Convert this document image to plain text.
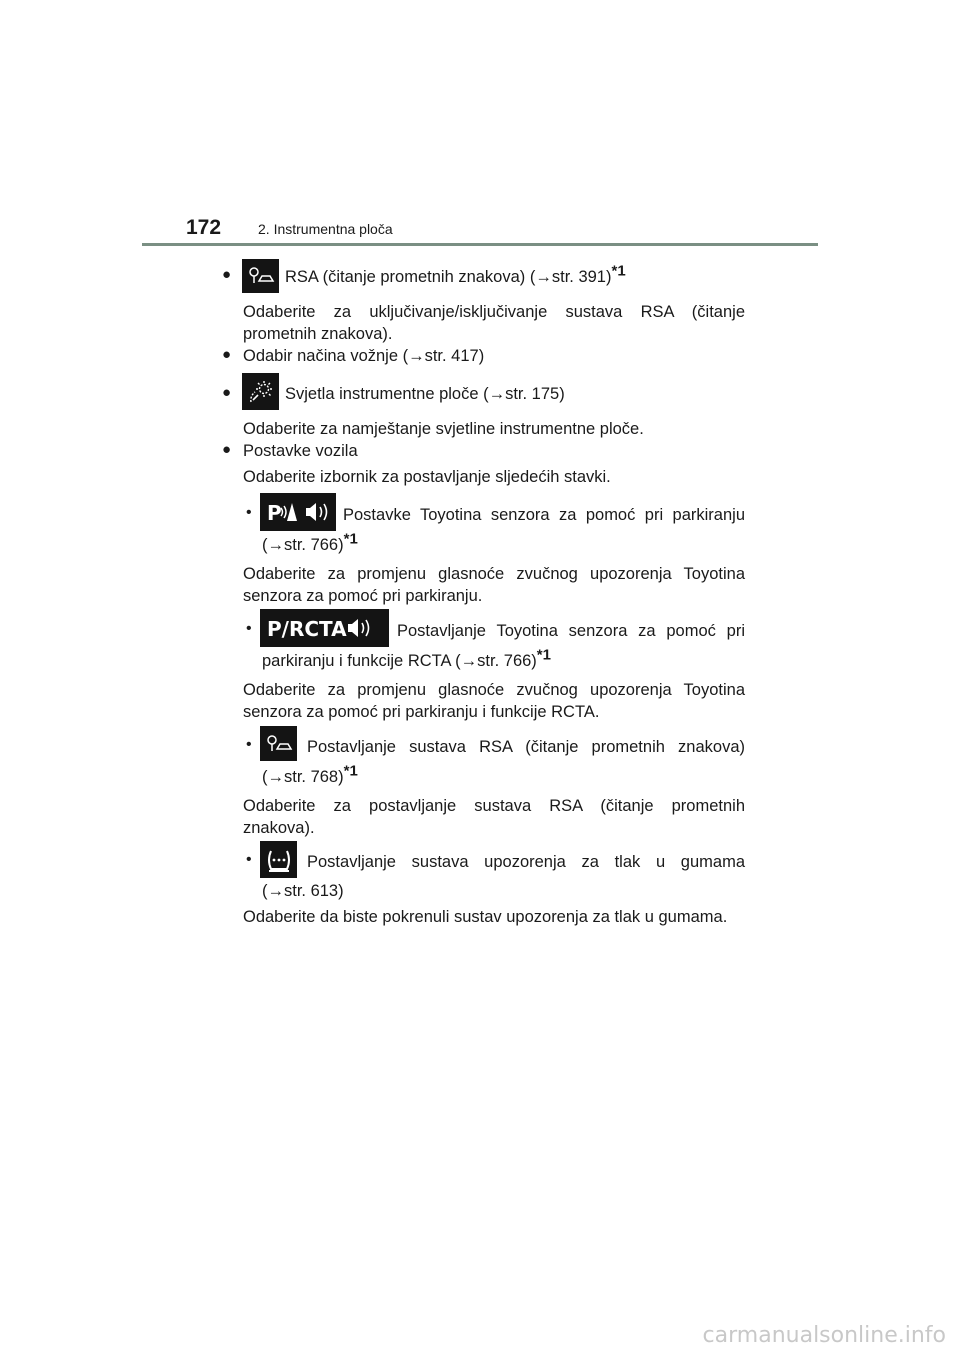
172	2. Instrumentna ploča
●	RSA (čitanje prometnih znakova) (→str. 391)$^{*1}$
Odaberite za uključivanje/isključivanje sustava RSA (čitanje
prometnih znakova).
● Odabir načina vožnje (→str. 417)
●	Svjetla instrumentne ploče (→str. 175)
Odaberite za namještanje svjetline instrumentne ploče.
● Postavke vozila
Odaberite izbornik za postavljanje sljedećih stavki.
• P	Postavke Toyotina senzora za pomoć pri parkiranju
(→str. 766)$^{*1}$
Odaberite za promjenu glasnoće zvučnog upozorenja Toyotina
senzora za pomoć pri parkiranju.
• P/RCTA	Postavljanje Toyotina senzora za pomoć pri
parkiranju i funkcije RCTA (→str. 766)$^{*1}$
Odaberite za promjenu glasnoće zvučnog upozorenja Toyotina
senzora za pomoć pri parkiranju i funkcije RCTA.
•	Postavljanje sustava RSA (čitanje prometnih znakova)
(→str. 768)$^{*1}$
Odaberite za postavljanje sustava RSA (čitanje prometnih
znakova).
•	Postavljanje sustava upozorenja za tlak u gumama
(→str. 613)
Odaberite da biste pokrenuli sustav upozorenja za tlak u gumama.
carmanualsonline.info
